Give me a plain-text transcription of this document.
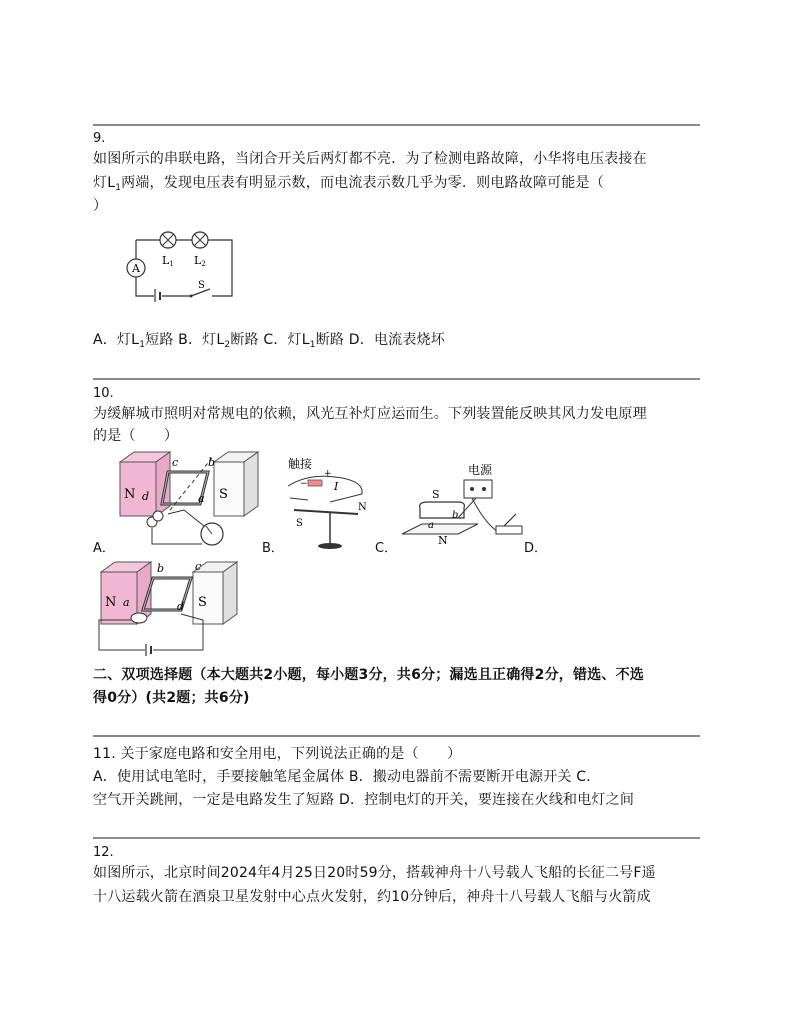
9.
如图所示的串联电路，当闭合开关后两灯都不亮．为了检测电路故障，小华将电压表接在
灯$L_1$两端，发现电压表有明显示数，而电流表示数几乎为零．则电路故障可能是（
）
A
L1 L2
S
A．灯$L_1$短路 B．灯$L_2$断路 C．灯$L_1$断路 D．电流表烧坏
10.
为缓解城市照明对常规电的依赖，风光互补灯应运而生。下列装置能反映其风力发电原理
的是（　　）
N	S
c	b
d	a
A．
触接
−
+
I
S
N
B．
电源
S
N
a
b
C．	D．
N	S
b	c
a	d
二、双项选择题（本大题共2小题，每小题3分，共6分；漏选且正确得2分，错选、不选
得0分）(共2题；共6分)
11. 关于家庭电路和安全用电，下列说法正确的是（　　）
A．使用试电笔时，手要接触笔尾金属体 B．搬动电器前不需要断开电源开关 C．
空气开关跳闸，一定是电路发生了短路 D．控制电灯的开关，要连接在火线和电灯之间
12.
如图所示，北京时间2024年4月25日20时59分，搭载神舟十八号载人飞船的长征二号F遥
十八运载火箭在酒泉卫星发射中心点火发射，约10分钟后，神舟十八号载人飞船与火箭成
